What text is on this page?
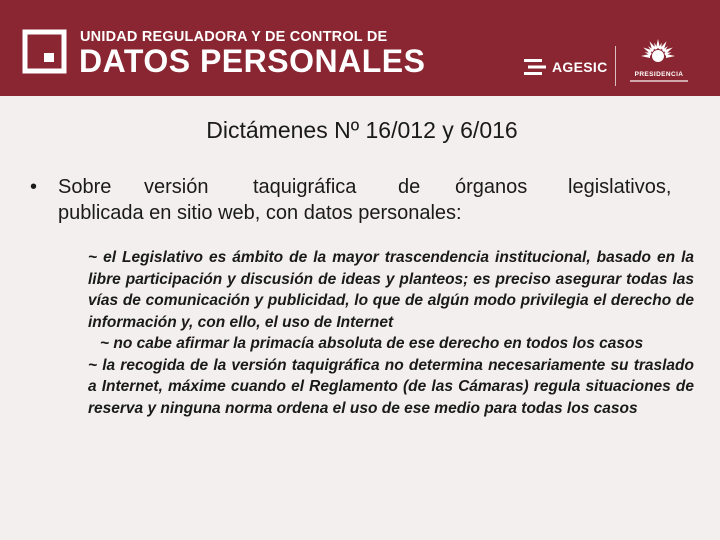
UNIDAD REGULADORA Y DE CONTROL DE
DATOS PERSONALES	AGESIC	PRESIDENCIA
Dictámenes Nº 16/012 y 6/016
• Sobre versión taquigráfica de órganos legislativos,
publicada en sitio web, con datos personales:

~ el Legislativo es ámbito de la mayor trascendencia institucional, basado en la libre participación y discusión de ideas y planteos; es preciso asegurar todas las vías de comunicación y publicidad, lo que de algún modo privilegia el derecho de información y, con ello, el uso de Internet

~ no cabe afirmar la primacía absoluta de ese derecho en todos los casos

~ la recogida de la versión taquigráfica no determina necesariamente su traslado a Internet, máxime cuando el Reglamento (de las Cámaras) regula situaciones de reserva y ninguna norma ordena el uso de ese medio para todas los casos
